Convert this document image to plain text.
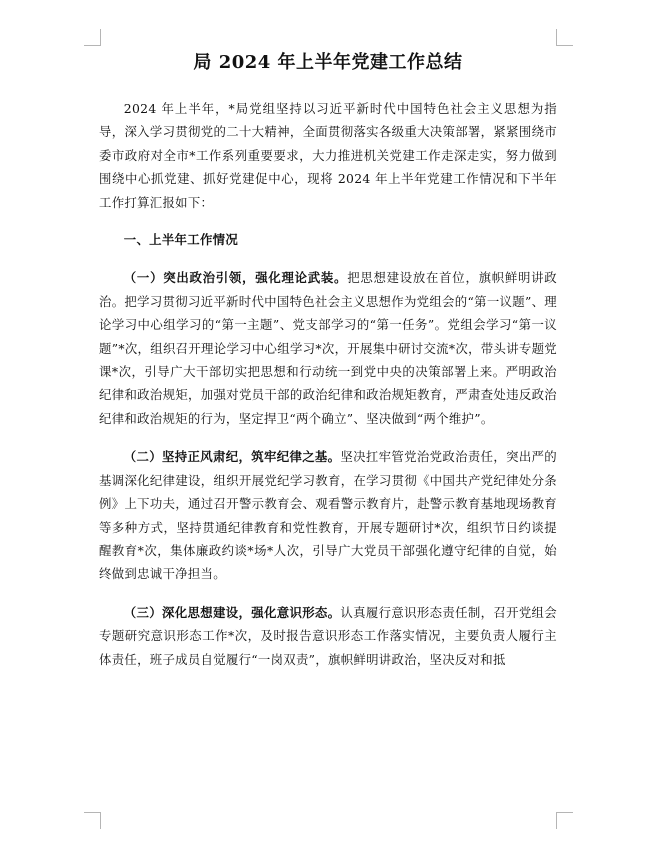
局 2024 年上半年党建工作总结

2024 年上半年，*局党组坚持以习近平新时代中国特色社会主义思想为指导，深入学习贯彻党的二十大精神，全面贯彻落实各级重大决策部署，紧紧围绕市委市政府对全市*工作系列重要要求，大力推进机关党建工作走深走实，努力做到围绕中心抓党建、抓好党建促中心，现将 2024 年上半年党建工作情况和下半年工作打算汇报如下：

一、上半年工作情况

（一）突出政治引领，强化理论武装。把思想建设放在首位，旗帜鲜明讲政治。把学习贯彻习近平新时代中国特色社会主义思想作为党组会的“第一议题”、理论学习中心组学习的“第一主题”、党支部学习的“第一任务”。党组会学习“第一议题”*次，组织召开理论学习中心组学习*次，开展集中研讨交流*次，带头讲专题党课*次，引导广大干部切实把思想和行动统一到党中央的决策部署上来。严明政治纪律和政治规矩，加强对党员干部的政治纪律和政治规矩教育，严肃查处违反政治纪律和政治规矩的行为，坚定捍卫“两个确立”、坚决做到“两个维护”。

（二）坚持正风肃纪，筑牢纪律之基。坚决扛牢管党治党政治责任，突出严的基调深化纪律建设，组织开展党纪学习教育，在学习贯彻《中国共产党纪律处分条例》上下功夫，通过召开警示教育会、观看警示教育片，赴警示教育基地现场教育等多种方式，坚持贯通纪律教育和党性教育，开展专题研讨*次，组织节日约谈提醒教育*次，集体廉政约谈*场*人次，引导广大党员干部强化遵守纪律的自觉，始终做到忠诚干净担当。

（三）深化思想建设，强化意识形态。认真履行意识形态责任制，召开党组会专题研究意识形态工作*次，及时报告意识形态工作落实情况，主要负责人履行主体责任，班子成员自觉履行“一岗双责”，旗帜鲜明讲政治，坚决反对和抵
